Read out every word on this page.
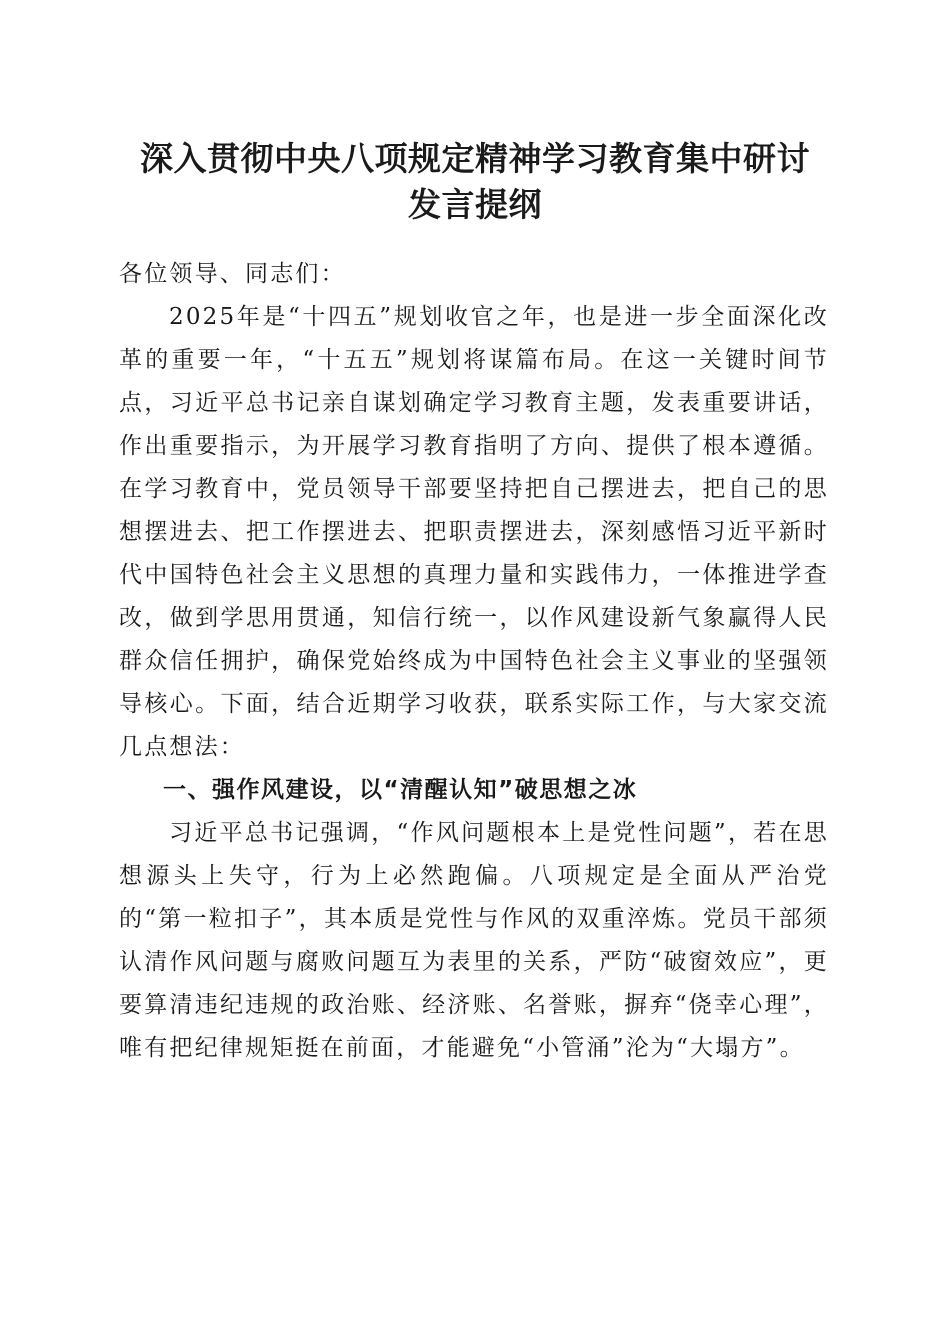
深入贯彻中央八项规定精神学习教育集中研讨
发言提纲

各位领导、同志们：

2025年是“十四五”规划收官之年，也是进一步全面深化改革的重要一年，“十五五”规划将谋篇布局。在这一关键时间节点，习近平总书记亲自谋划确定学习教育主题，发表重要讲话，作出重要指示，为开展学习教育指明了方向、提供了根本遵循。在学习教育中，党员领导干部要坚持把自己摆进去，把自己的思想摆进去、把工作摆进去、把职责摆进去，深刻感悟习近平新时代中国特色社会主义思想的真理力量和实践伟力，一体推进学查改，做到学思用贯通，知信行统一，以作风建设新气象赢得人民群众信任拥护，确保党始终成为中国特色社会主义事业的坚强领导核心。下面，结合近期学习收获，联系实际工作，与大家交流几点想法：

一、强作风建设，以“清醒认知”破思想之冰

习近平总书记强调，“作风问题根本上是党性问题”，若在思想源头上失守，行为上必然跑偏。八项规定是全面从严治党的“第一粒扣子”，其本质是党性与作风的双重淬炼。党员干部须认清作风问题与腐败问题互为表里的关系，严防“破窗效应”，更要算清违纪违规的政治账、经济账、名誉账，摒弃“侥幸心理”，唯有把纪律规矩挺在前面，才能避免“小管涌”沦为“大塌方”。
